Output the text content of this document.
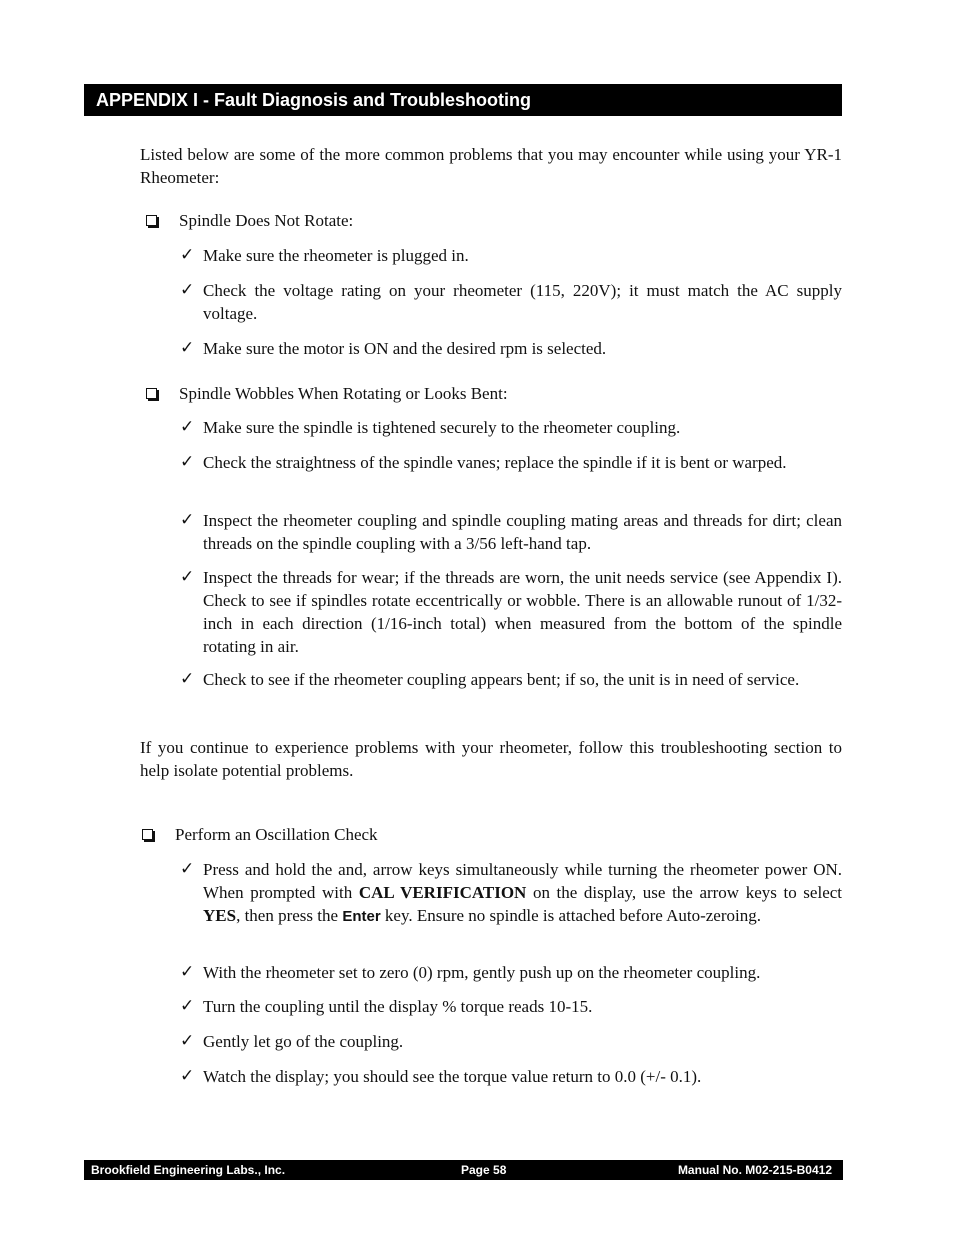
APPENDIX I - Fault Diagnosis and Troubleshooting
Listed below are some of the more common problems that you may encounter while using your YR-1 Rheometer:
Spindle Does Not Rotate:
✓ Make sure the rheometer is plugged in.
✓ Check the voltage rating on your rheometer (115, 220V); it must match the AC supply voltage.
✓ Make sure the motor is ON and the desired rpm is selected.
Spindle Wobbles When Rotating or Looks Bent:
✓ Make sure the spindle is tightened securely to the rheometer coupling.
✓ Check the straightness of the spindle vanes; replace the spindle if it is bent or warped.
✓ Inspect the rheometer coupling and spindle coupling mating areas and threads for dirt; clean threads on the spindle coupling with a 3/56 left-hand tap.
✓ Inspect the threads for wear; if the threads are worn, the unit needs service (see Appendix I). Check to see if spindles rotate eccentrically or wobble. There is an allowable runout of 1/32-inch in each direction (1/16-inch total) when measured from the bottom of the spindle rotating in air.
✓ Check to see if the rheometer coupling appears bent; if so, the unit is in need of service.
If you continue to experience problems with your rheometer, follow this troubleshooting section to help isolate potential problems.
Perform an Oscillation Check
✓ Press and hold the and, arrow keys simultaneously while turning the rheometer power ON. When prompted with CAL VERIFICATION on the display, use the arrow keys to select YES, then press the Enter key. Ensure no spindle is attached before Auto-zeroing.
✓ With the rheometer set to zero (0) rpm, gently push up on the rheometer coupling.
✓ Turn the coupling until the display % torque reads 10-15.
✓ Gently let go of the coupling.
✓ Watch the display; you should see the torque value return to 0.0 (+/- 0.1).
Brookfield Engineering Labs., Inc.	Page 58	Manual No. M02-215-B0412
